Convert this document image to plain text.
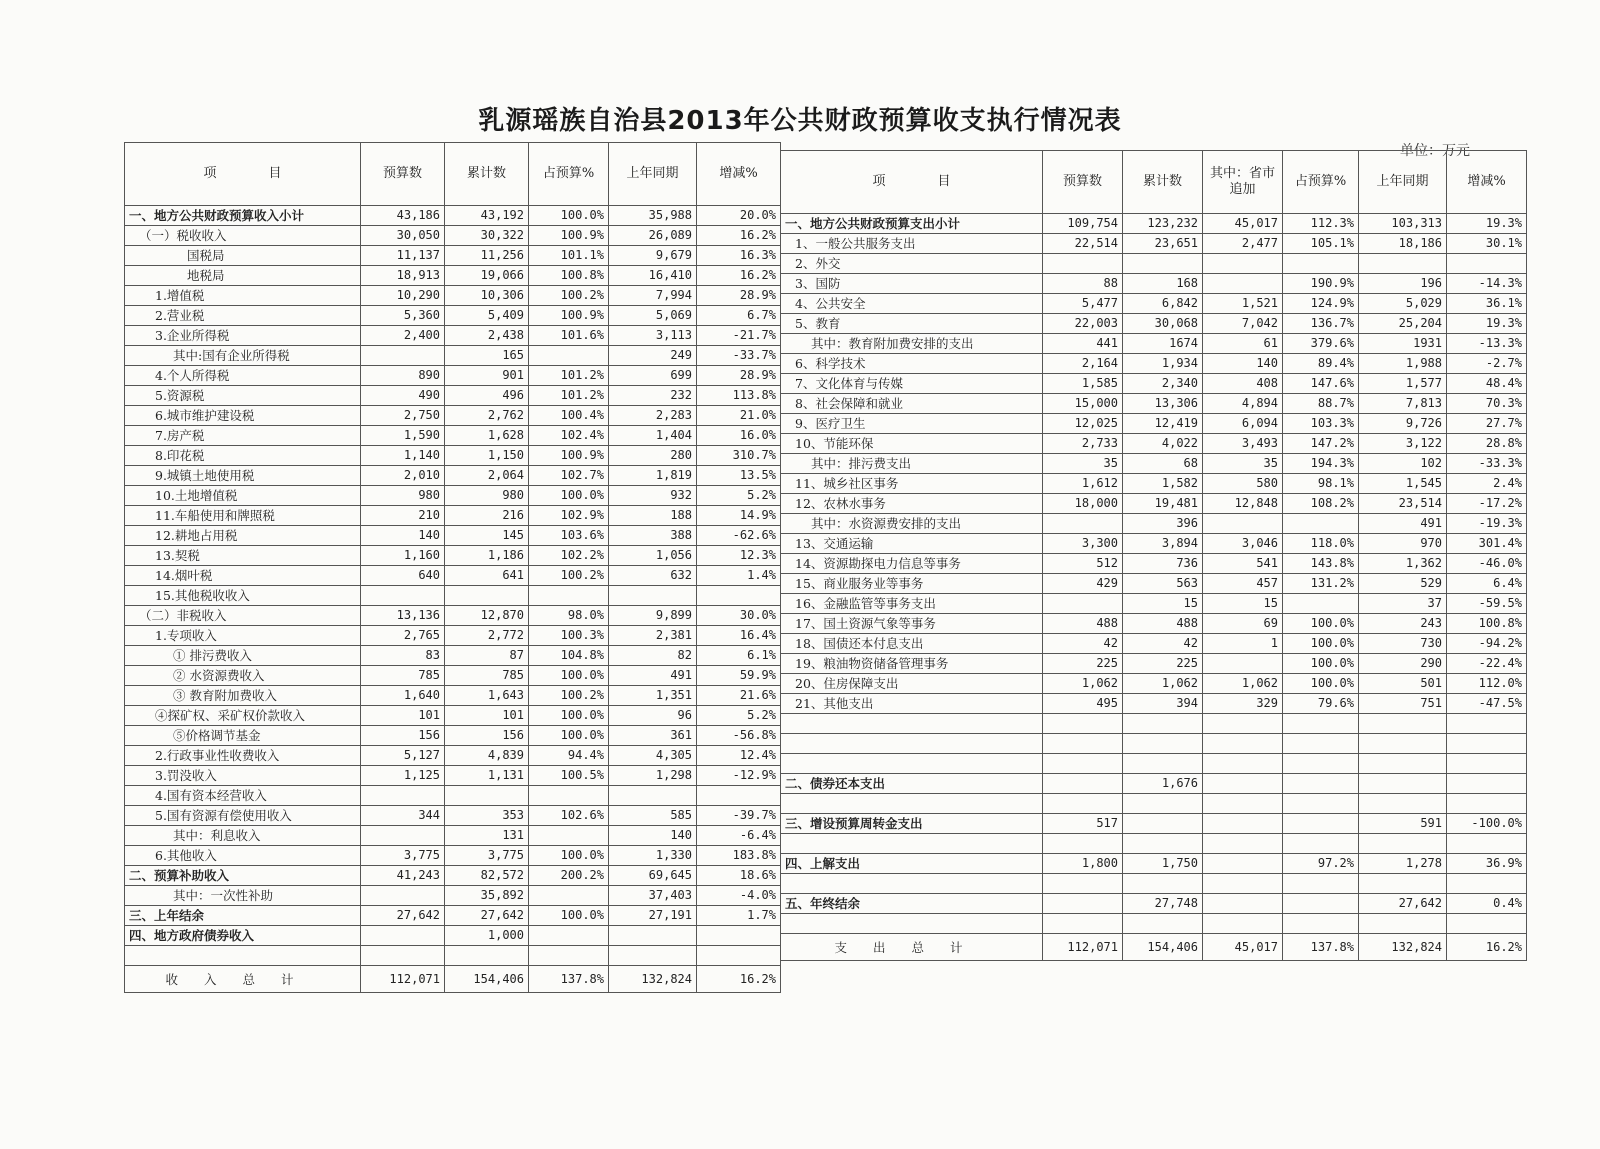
乳源瑶族自治县2013年公共财政预算收支执行情况表
单位：万元
项　　　　目	预算数	累计数	占预算%	上年同期	增减%
一、地方公共财政预算收入小计	43,186	43,192	100.0%	35,988	20.0%
（一）税收收入	30,050	30,322	100.9%	26,089	16.2%
国税局	11,137	11,256	101.1%	9,679	16.3%
地税局	18,913	19,066	100.8%	16,410	16.2%
1.增值税	10,290	10,306	100.2%	7,994	28.9%
2.营业税	5,360	5,409	100.9%	5,069	6.7%
3.企业所得税	2,400	2,438	101.6%	3,113	-21.7%
其中:国有企业所得税		165		249	-33.7%
4.个人所得税	890	901	101.2%	699	28.9%
5.资源税	490	496	101.2%	232	113.8%
6.城市维护建设税	2,750	2,762	100.4%	2,283	21.0%
7.房产税	1,590	1,628	102.4%	1,404	16.0%
8.印花税	1,140	1,150	100.9%	280	310.7%
9.城镇土地使用税	2,010	2,064	102.7%	1,819	13.5%
10.土地增值税	980	980	100.0%	932	5.2%
11.车船使用和牌照税	210	216	102.9%	188	14.9%
12.耕地占用税	140	145	103.6%	388	-62.6%
13.契税	1,160	1,186	102.2%	1,056	12.3%
14.烟叶税	640	641	100.2%	632	1.4%
15.其他税收收入					
（二）非税收入	13,136	12,870	98.0%	9,899	30.0%
1.专项收入	2,765	2,772	100.3%	2,381	16.4%
① 排污费收入	83	87	104.8%	82	6.1%
② 水资源费收入	785	785	100.0%	491	59.9%
③ 教育附加费收入	1,640	1,643	100.2%	1,351	21.6%
④探矿权、采矿权价款收入	101	101	100.0%	96	5.2%
⑤价格调节基金	156	156	100.0%	361	-56.8%
2.行政事业性收费收入	5,127	4,839	94.4%	4,305	12.4%
3.罚没收入	1,125	1,131	100.5%	1,298	-12.9%
4.国有资本经营收入					
5.国有资源有偿使用收入	344	353	102.6%	585	-39.7%
其中：利息收入		131		140	-6.4%
6.其他收入	3,775	3,775	100.0%	1,330	183.8%
二、预算补助收入	41,243	82,572	200.2%	69,645	18.6%
其中：一次性补助		35,892		37,403	-4.0%
三、上年结余	27,642	27,642	100.0%	27,191	1.7%
四、地方政府债券收入		1,000			

收入总计	112,071	154,406	137.8%	132,824	16.2%
项　　　　目	预算数	累计数	其中：省市追加	占预算%	上年同期	增减%
一、地方公共财政预算支出小计	109,754	123,232	45,017	112.3%	103,313	19.3%
1、一般公共服务支出	22,514	23,651	2,477	105.1%	18,186	30.1%
2、外交						
3、国防	88	168		190.9%	196	-14.3%
4、公共安全	5,477	6,842	1,521	124.9%	5,029	36.1%
5、教育	22,003	30,068	7,042	136.7%	25,204	19.3%
其中：教育附加费安排的支出	441	1674	61	379.6%	1931	-13.3%
6、科学技术	2,164	1,934	140	89.4%	1,988	-2.7%
7、文化体育与传媒	1,585	2,340	408	147.6%	1,577	48.4%
8、社会保障和就业	15,000	13,306	4,894	88.7%	7,813	70.3%
9、医疗卫生	12,025	12,419	6,094	103.3%	9,726	27.7%
10、节能环保	2,733	4,022	3,493	147.2%	3,122	28.8%
其中：排污费支出	35	68	35	194.3%	102	-33.3%
11、城乡社区事务	1,612	1,582	580	98.1%	1,545	2.4%
12、农林水事务	18,000	19,481	12,848	108.2%	23,514	-17.2%
其中：水资源费安排的支出		396			491	-19.3%
13、交通运输	3,300	3,894	3,046	118.0%	970	301.4%
14、资源勘探电力信息等事务	512	736	541	143.8%	1,362	-46.0%
15、商业服务业等事务	429	563	457	131.2%	529	6.4%
16、金融监管等事务支出		15	15		37	-59.5%
17、国土资源气象等事务	488	488	69	100.0%	243	100.8%
18、国债还本付息支出	42	42	1	100.0%	730	-94.2%
19、粮油物资储备管理事务	225	225		100.0%	290	-22.4%
20、住房保障支出	1,062	1,062	1,062	100.0%	501	112.0%
21、其他支出	495	394	329	79.6%	751	-47.5%

二、债券还本支出		1,676				

三、增设预算周转金支出	517				591	-100.0%

四、上解支出	1,800	1,750		97.2%	1,278	36.9%

五、年终结余		27,748			27,642	0.4%

支出总计	112,071	154,406	45,017	137.8%	132,824	16.2%
